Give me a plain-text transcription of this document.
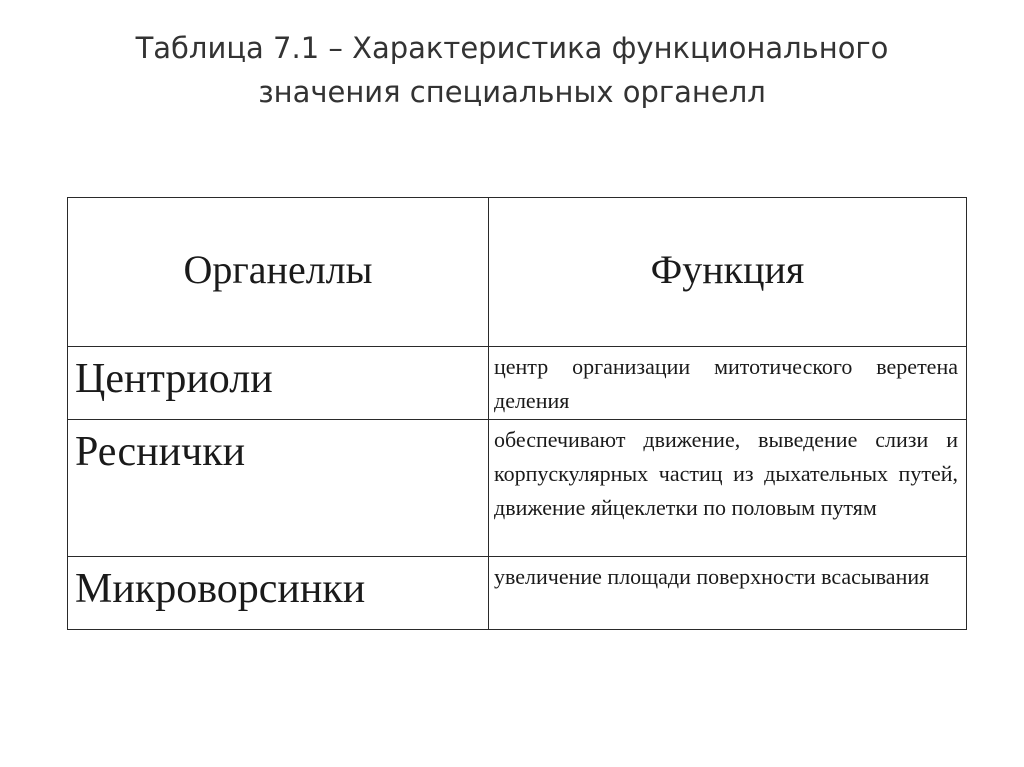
Таблица 7.1 – Характеристика функционального
значения специальных органелл
Органеллы	Функция

Центриоли	центр организации митотического веретена деления

Реснички	обеспечивают движение, выведение слизи и корпускулярных частиц из дыхательных путей, движение яйцеклетки по половым путям

Микроворсинки	увеличение площади поверхности всасывания
